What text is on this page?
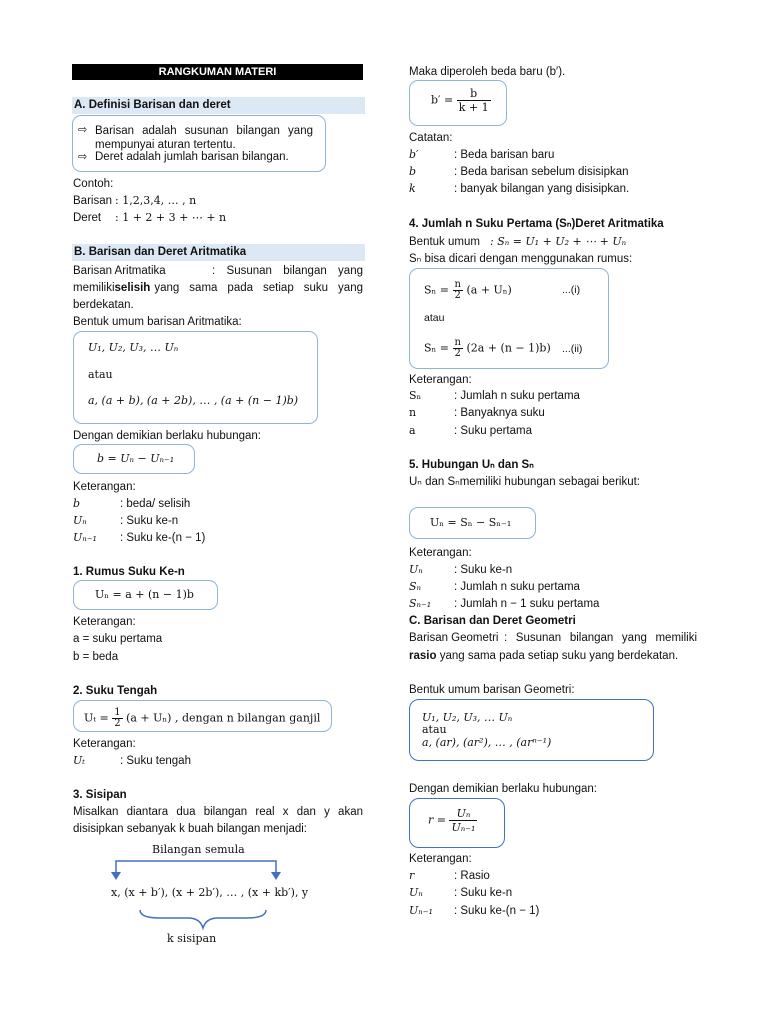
RANGKUMAN MATERI
A. Definisi Barisan dan deret
⇨ Barisan adalah susunan bilangan yang
mempunyai aturan tertentu.
⇨ Deret adalah jumlah barisan bilangan.
Contoh:
Barisan : 1,2,3,4, … , n
Deret : 1 + 2 + 3 + ⋯ + n
B. Barisan dan Deret Aritmatika
Barisan Aritmatika	: Susunan bilangan yang
memiliki selisih yang sama pada setiap suku yang
berdekatan.
Bentuk umum barisan Aritmatika:
U₁, U₂, U₃, … Uₙ
atau
a, (a + b), (a + 2b), … , (a + (n − 1)b)
Dengan demikian berlaku hubungan:
b = Uₙ − Uₙ₋₁
Keterangan:
b	: beda/ selisih
Uₙ	: Suku ke-n
Uₙ₋₁ : Suku ke-(n − 1)
1. Rumus Suku Ke-n
Uₙ = a + (n − 1)b
Keterangan:
a = suku pertama
b = beda
2. Suku Tengah
$U_t = \frac{1}{2} (a + U_n)$ , dengan n bilangan ganjil
Keterangan:
Uₜ	: Suku tengah
3. Sisipan
Misalkan diantara dua bilangan real x dan y akan
disisipkan sebanyak k buah bilangan menjadi:
Bilangan semula
x, (x + b′), (x + 2b′), … , (x + kb′), y
k sisipan
Maka diperoleh beda baru (b′).
$b' = \frac{b}{k + 1}$
Catatan:
b′	: Beda barisan baru
b	: Beda barisan sebelum disisipkan
k	: banyak bilangan yang disisipkan.
4. Jumlah n Suku Pertama (Sₙ)Deret Aritmatika
Bentuk umum : Sₙ = U₁ + U₂ + ⋯ + Uₙ
Sₙ bisa dicari dengan menggunakan rumus:
$S_n = \frac{n}{2} (a + U_n)$	...(i)
atau
$S_n = \frac{n}{2} (2a + (n - 1)b)$ ...(ii)
Keterangan:
Sₙ	: Jumlah n suku pertama
n	: Banyaknya suku
a	: Suku pertama
5. Hubungan Uₙ dan Sₙ
Uₙ dan Sₙmemiliki hubungan sebagai berikut:
Uₙ = Sₙ − Sₙ₋₁
Keterangan:
Uₙ	: Suku ke-n
Sₙ	: Jumlah n suku pertama
Sₙ₋₁ : Jumlah n − 1 suku pertama
C. Barisan dan Deret Geometri
Barisan Geometri : Susunan bilangan yang memiliki
rasio yang sama pada setiap suku yang berdekatan.
Bentuk umum barisan Geometri:
U₁, U₂, U₃, … Uₙ
atau
a, (ar), (ar²), … , (arⁿ⁻¹)
Dengan demikian berlaku hubungan:
$r = \frac{\text{Uₙ}}{\text{Uₙ₋₁}}$
Keterangan:
r	: Rasio
Uₙ	: Suku ke-n
Uₙ₋₁ : Suku ke-(n − 1)
